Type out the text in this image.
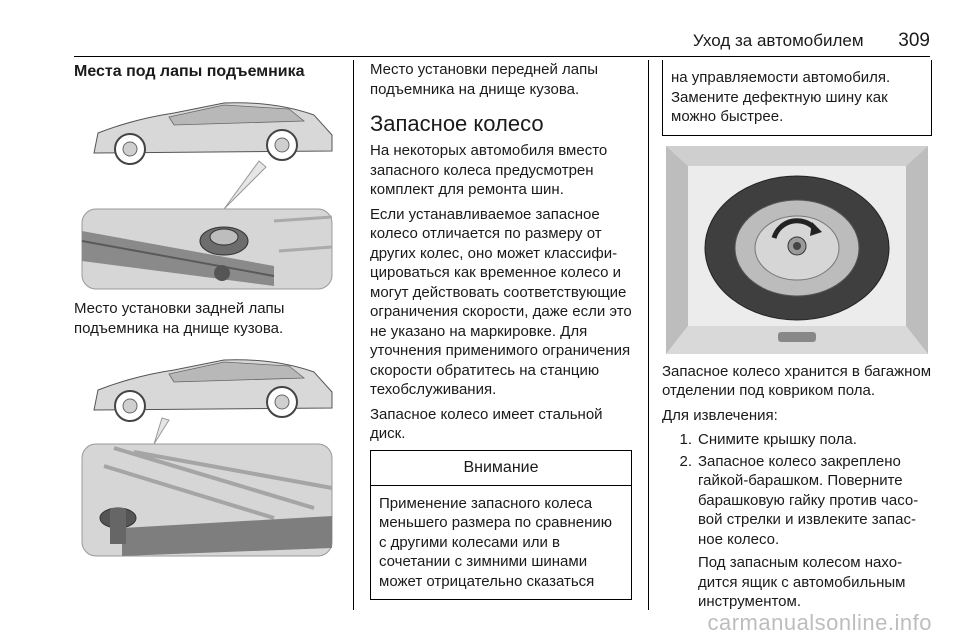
Уход за автомобилем 309
Места под лапы подъемника

Место установки задней лапы подъемника на днище кузова.

Место установки передней лапы подъемника на днище кузова.

Запасное колесо

На некоторых автомобиля вместо запасного колеса предусмотрен комплект для ремонта шин.

Если устанавливаемое запасное колесо отличается по размеру от других колес, оно может классифицироваться как временное колесо и могут действовать соответствующие ограничения скорости, даже если это не указано на маркировке. Для уточнения применимого ограничения скорости обратитесь на станцию техобслуживания.

Запасное колесо имеет стальной диск.

Внимание
Применение запасного колеса меньшего размера по сравнению с другими колесами или в сочетании с зимними шинами может отрицательно сказаться
на управляемости автомобиля. Замените дефектную шину как можно быстрее.

Запасное колесо хранится в багажном отделении под ковриком пола.

Для извлечения:

1. Снимите крышку пола.
2. Запасное колесо закреплено гайкой-барашком. Поверните барашковую гайку против часовой стрелки и извлеките запасное колесо.

Под запасным колесом находится ящик с автомобильным инструментом.

carmanualsonline.info
